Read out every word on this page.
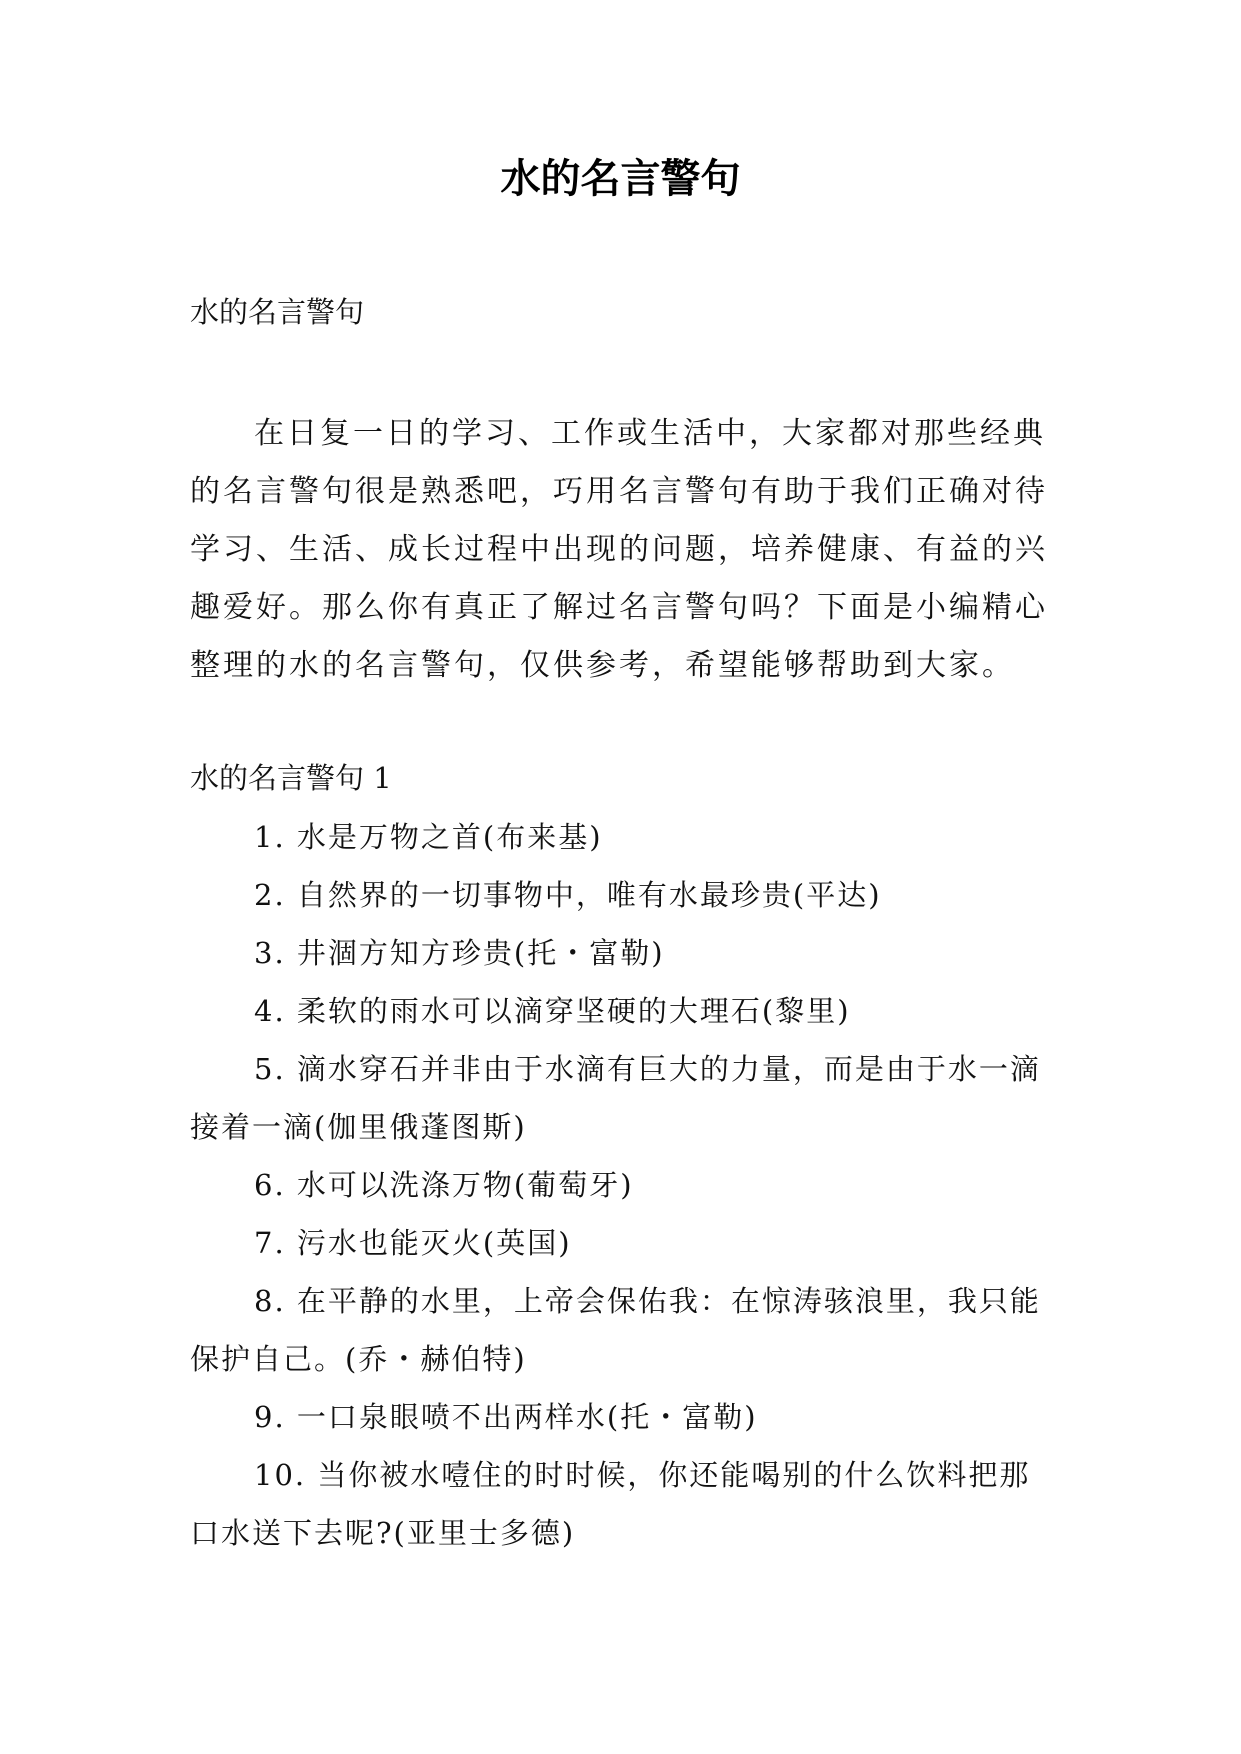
水的名言警句

水的名言警句

在日复一日的学习、工作或生活中，大家都对那些经典的名言警句很是熟悉吧，巧用名言警句有助于我们正确对待学习、生活、成长过程中出现的问题，培养健康、有益的兴趣爱好。那么你有真正了解过名言警句吗？下面是小编精心整理的水的名言警句，仅供参考，希望能够帮助到大家。

水的名言警句 1

1. 水是万物之首(布来基)
2. 自然界的一切事物中，唯有水最珍贵(平达)
3. 井涸方知方珍贵(托・富勒)
4. 柔软的雨水可以滴穿坚硬的大理石(黎里)
5. 滴水穿石并非由于水滴有巨大的力量，而是由于水一滴接着一滴(伽里俄蓬图斯)
6. 水可以洗涤万物(葡萄牙)
7. 污水也能灭火(英国)
8. 在平静的水里，上帝会保佑我：在惊涛骇浪里，我只能保护自己。(乔・赫伯特)
9. 一口泉眼喷不出两样水(托・富勒)
10. 当你被水噎住的时时候，你还能喝别的什么饮料把那口水送下去呢?(亚里士多德)
